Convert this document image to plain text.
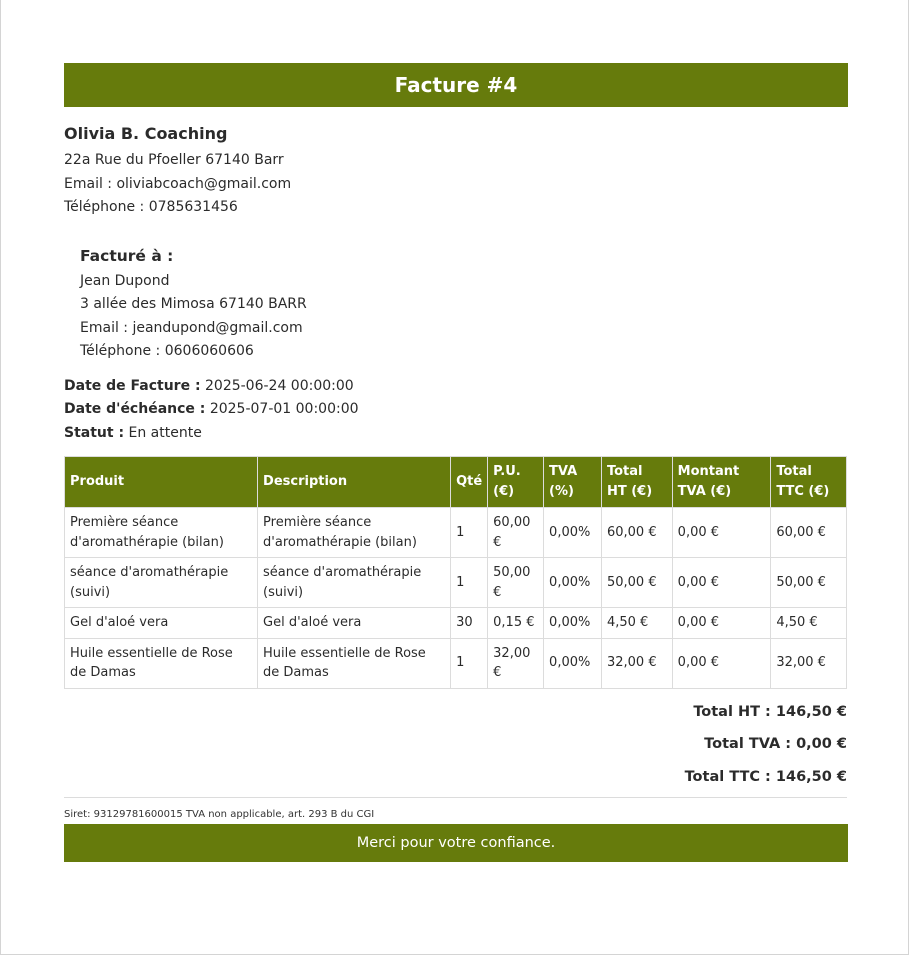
Facture #4
Olivia B. Coaching
22a Rue du Pfoeller 67140 Barr
Email : oliviabcoach@gmail.com
Téléphone : 0785631456
Facturé à :
Jean Dupond
3 allée des Mimosa 67140 BARR
Email : jeandupond@gmail.com
Téléphone : 0606060606
Date de Facture : 2025-06-24 00:00:00
Date d'échéance : 2025-07-01 00:00:00
Statut : En attente
Produit	Description	Qté	P.U. (€)	TVA (%)	Total HT (€)	Montant TVA (€)	Total TTC (€)
Première séance d'aromathérapie (bilan)	Première séance d'aromathérapie (bilan)	1	60,00 €	0,00%	60,00 €	0,00 €	60,00 €
séance d'aromathérapie (suivi)	séance d'aromathérapie (suivi)	1	50,00 €	0,00%	50,00 €	0,00 €	50,00 €
Gel d'aloé vera	Gel d'aloé vera	30	0,15 €	0,00%	4,50 €	0,00 €	4,50 €
Huile essentielle de Rose de Damas	Huile essentielle de Rose de Damas	1	32,00 €	0,00%	32,00 €	0,00 €	32,00 €
Total HT : 146,50 €
Total TVA : 0,00 €
Total TTC : 146,50 €
Siret: 93129781600015 TVA non applicable, art. 293 B du CGI
Merci pour votre confiance.
